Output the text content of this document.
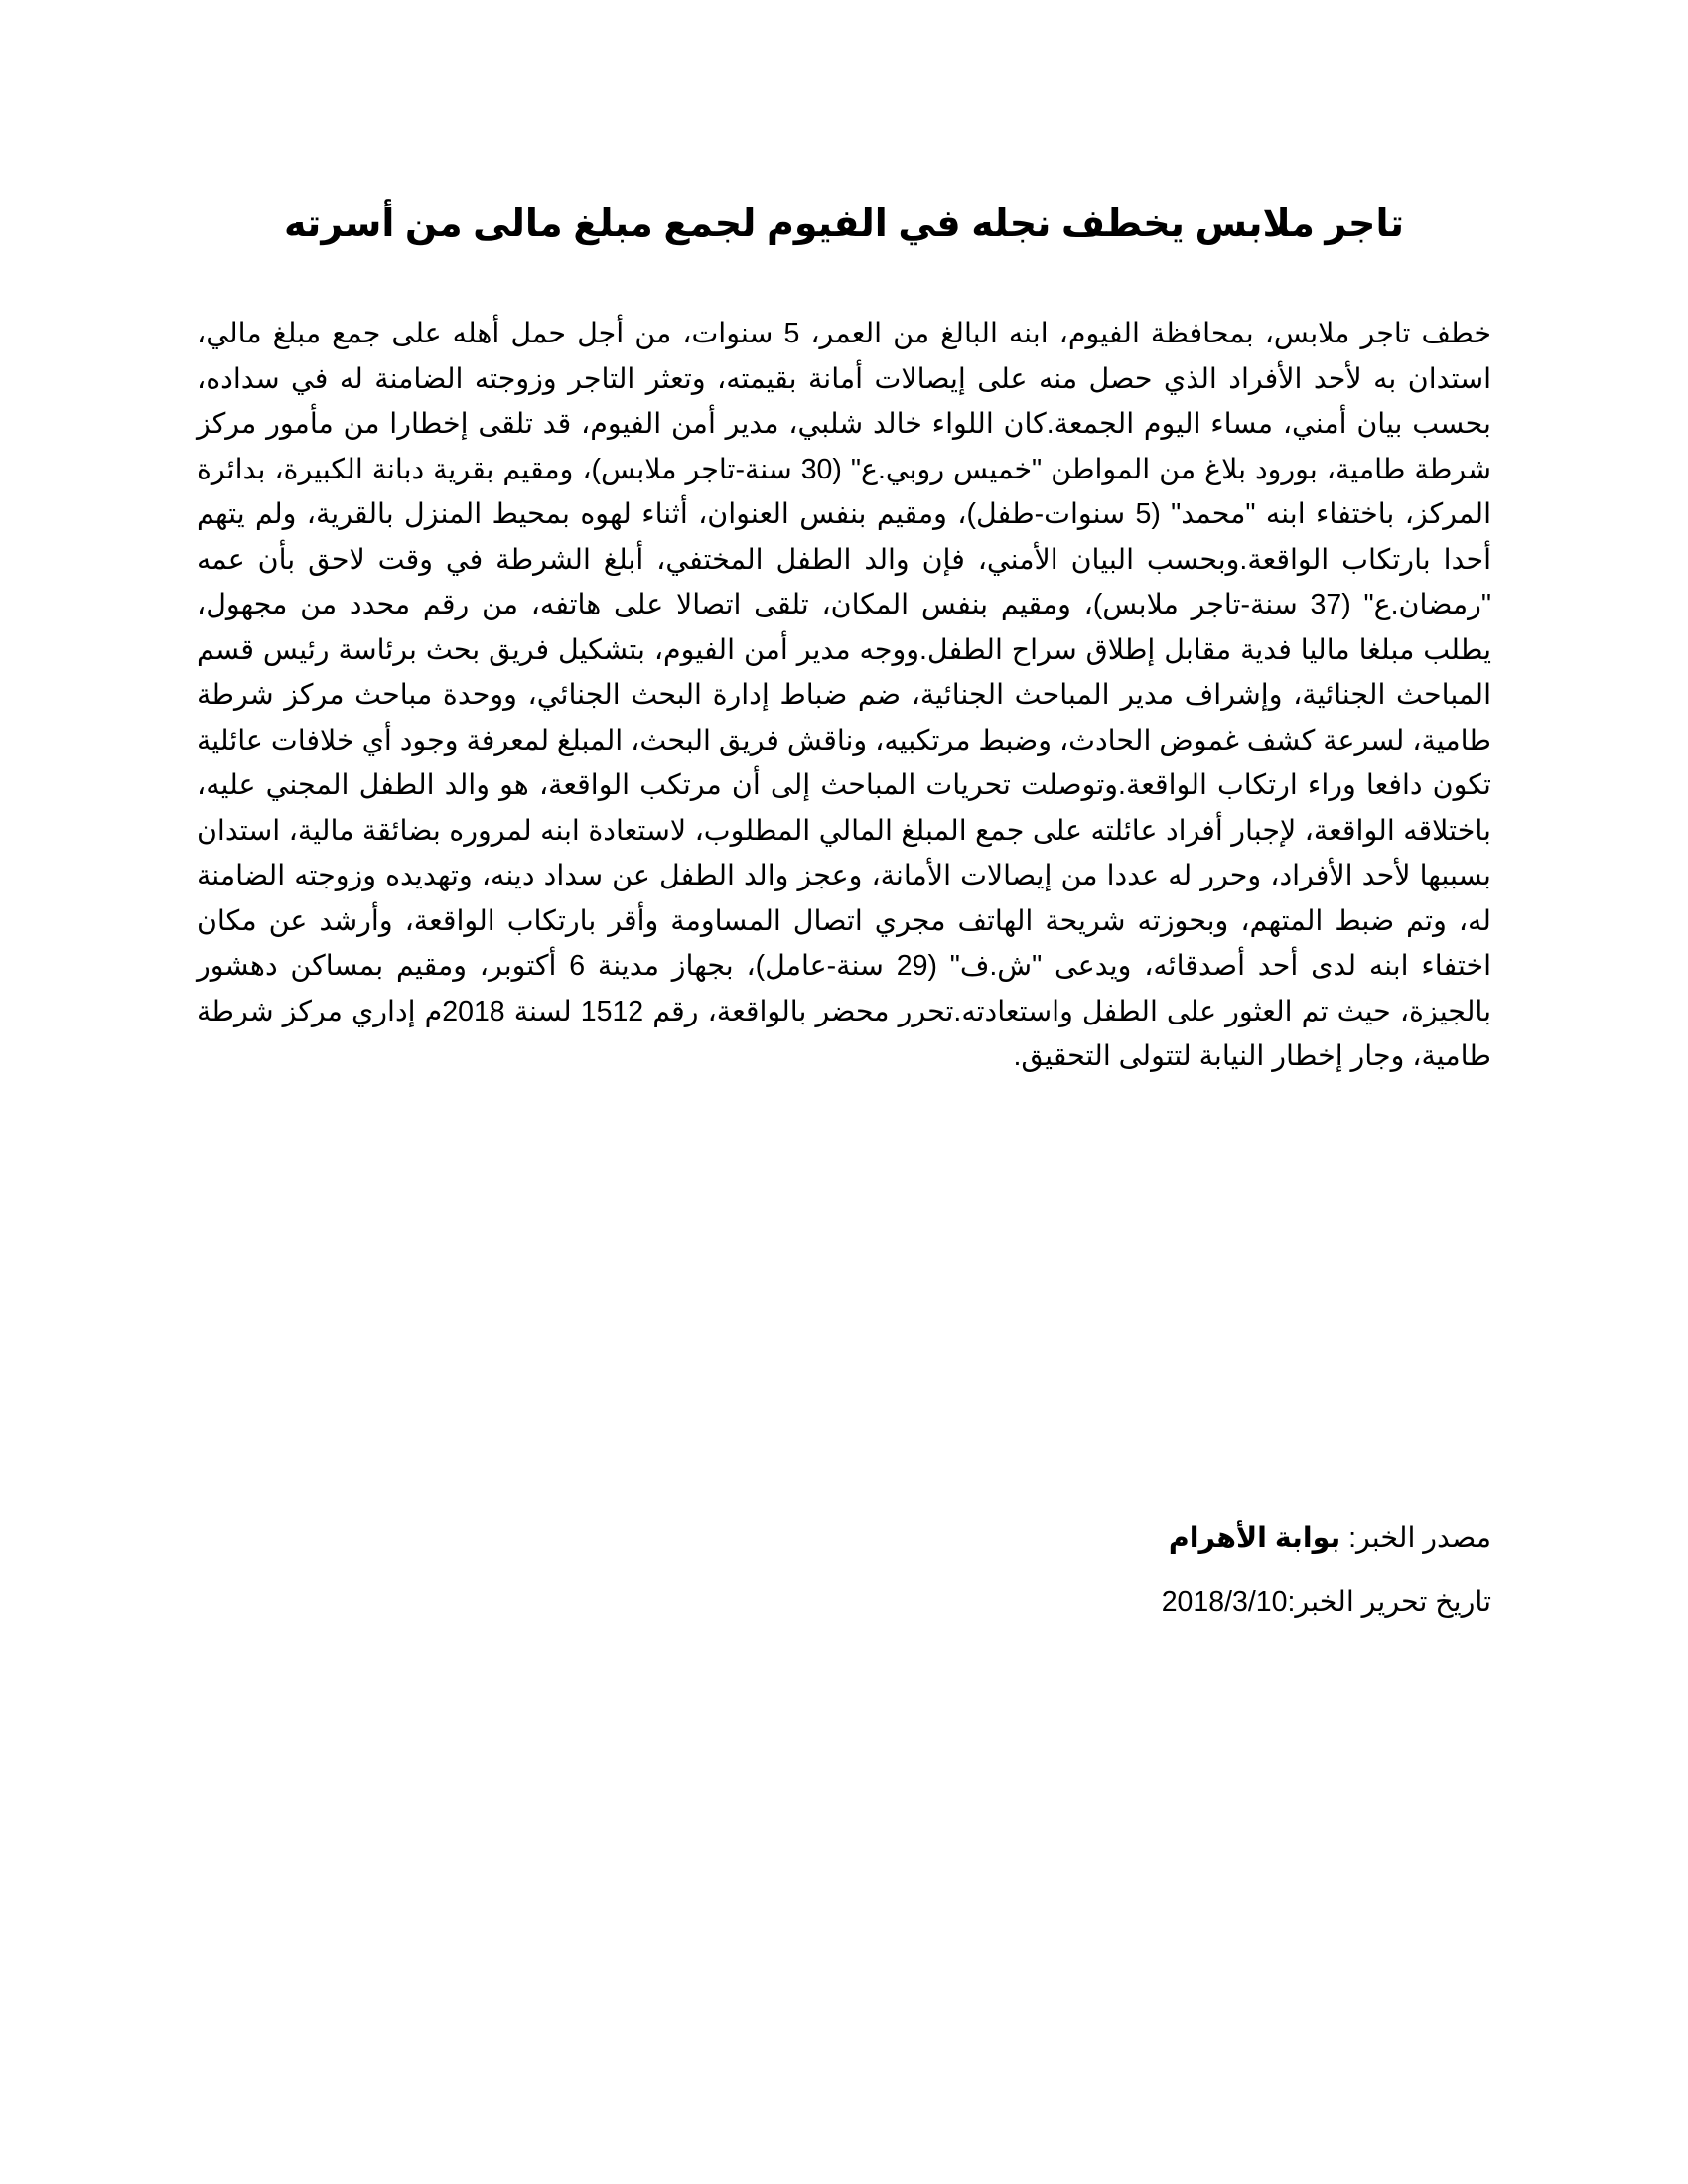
تاجر ملابس يخطف نجله في الفيوم لجمع مبلغ مالى من أسرته

خطف تاجر ملابس، بمحافظة الفيوم، ابنه البالغ من العمر، 5 سنوات، من أجل حمل أهله على جمع مبلغ مالي، استدان به لأحد الأفراد الذي حصل منه على إيصالات أمانة بقيمته، وتعثر التاجر وزوجته الضامنة له في سداده، بحسب بيان أمني، مساء اليوم الجمعة.كان اللواء خالد شلبي، مدير أمن الفيوم، قد تلقى إخطارا من مأمور مركز شرطة طامية، بورود بلاغ من المواطن "خميس روبي.ع" (30 سنة-تاجر ملابس)، ومقيم بقرية دبانة الكبيرة، بدائرة المركز، باختفاء ابنه "محمد" (5 سنوات-طفل)، ومقيم بنفس العنوان، أثناء لهوه بمحيط المنزل بالقرية، ولم يتهم أحدا بارتكاب الواقعة.وبحسب البيان الأمني، فإن والد الطفل المختفي، أبلغ الشرطة في وقت لاحق بأن عمه "رمضان.ع" (37 سنة-تاجر ملابس)، ومقيم بنفس المكان، تلقى اتصالا على هاتفه، من رقم محدد من مجهول، يطلب مبلغا ماليا فدية مقابل إطلاق سراح الطفل.ووجه مدير أمن الفيوم، بتشكيل فريق بحث برئاسة رئيس قسم المباحث الجنائية، وإشراف مدير المباحث الجنائية، ضم ضباط إدارة البحث الجنائي، ووحدة مباحث مركز شرطة طامية، لسرعة كشف غموض الحادث، وضبط مرتكبيه، وناقش فريق البحث، المبلغ لمعرفة وجود أي خلافات عائلية تكون دافعا وراء ارتكاب الواقعة.وتوصلت تحريات المباحث إلى أن مرتكب الواقعة، هو والد الطفل المجني عليه، باختلاقه الواقعة، لإجبار أفراد عائلته على جمع المبلغ المالي المطلوب، لاستعادة ابنه لمروره بضائقة مالية، استدان بسببها لأحد الأفراد، وحرر له عددا من إيصالات الأمانة، وعجز والد الطفل عن سداد دينه، وتهديده وزوجته الضامنة له، وتم ضبط المتهم، وبحوزته شريحة الهاتف مجري اتصال المساومة وأقر بارتكاب الواقعة، وأرشد عن مكان اختفاء ابنه لدى أحد أصدقائه، ويدعى "ش.ف" (29 سنة-عامل)، بجهاز مدينة 6 أكتوبر، ومقيم بمساكن دهشور بالجيزة، حيث تم العثور على الطفل واستعادته.تحرر محضر بالواقعة، رقم 1512 لسنة 2018م إداري مركز شرطة طامية، وجار إخطار النيابة لتتولى التحقيق.

مصدر الخبر: بوابة الأهرام

تاريخ تحرير الخبر:2018/3/10
